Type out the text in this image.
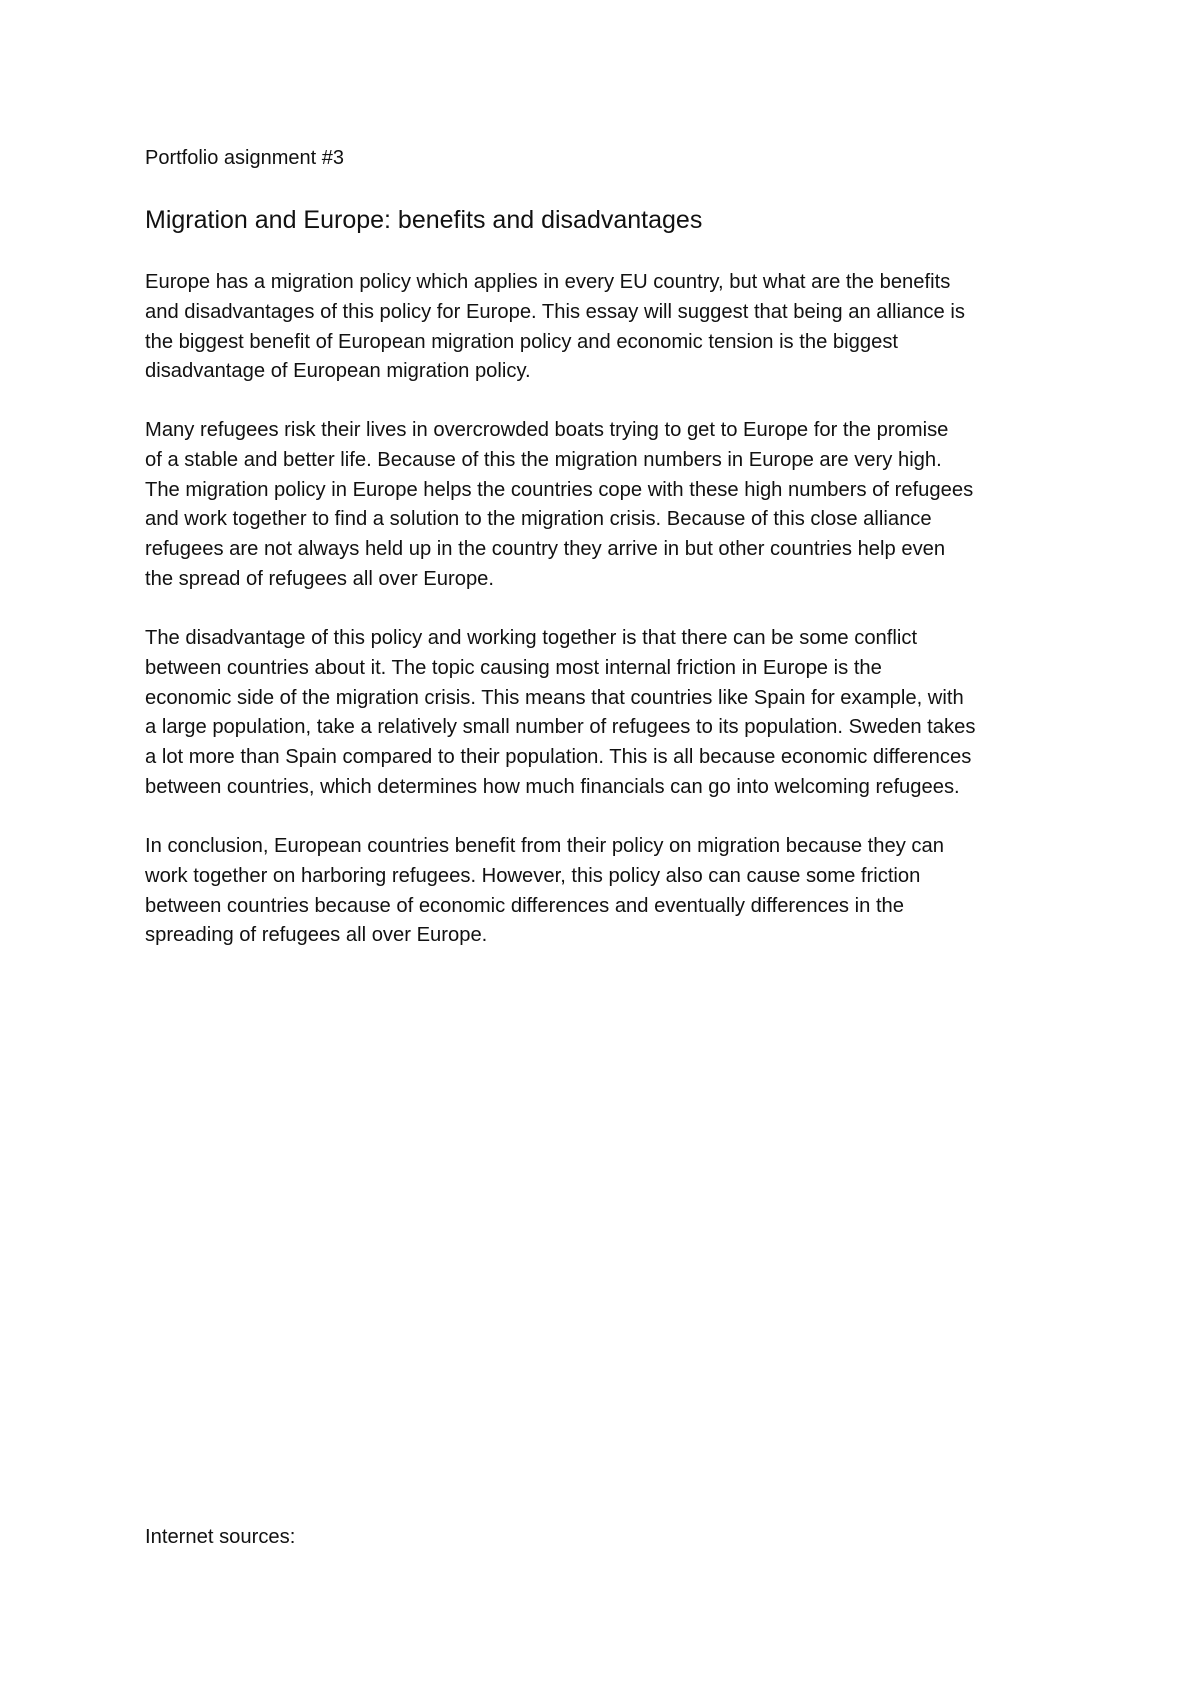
Portfolio asignment #3
Migration and Europe: benefits and disadvantages
Europe has a migration policy which applies in every EU country, but what are the benefits
and disadvantages of this policy for Europe. This essay will suggest that being an alliance is
the biggest benefit of European migration policy and economic tension is the biggest
disadvantage of European migration policy.
Many refugees risk their lives in overcrowded boats trying to get to Europe for the promise
of a stable and better life. Because of this the migration numbers in Europe are very high.
The migration policy in Europe helps the countries cope with these high numbers of refugees
and work together to find a solution to the migration crisis. Because of this close alliance
refugees are not always held up in the country they arrive in but other countries help even
the spread of refugees all over Europe.
The disadvantage of this policy and working together is that there can be some conflict
between countries about it. The topic causing most internal friction in Europe is the
economic side of the migration crisis. This means that countries like Spain for example, with
a large population, take a relatively small number of refugees to its population. Sweden takes
a lot more than Spain compared to their population. This is all because economic differences
between countries, which determines how much financials can go into welcoming refugees.
In conclusion, European countries benefit from their policy on migration because they can
work together on harboring refugees. However, this policy also can cause some friction
between countries because of economic differences and eventually differences in the
spreading of refugees all over Europe.
Internet sources:
